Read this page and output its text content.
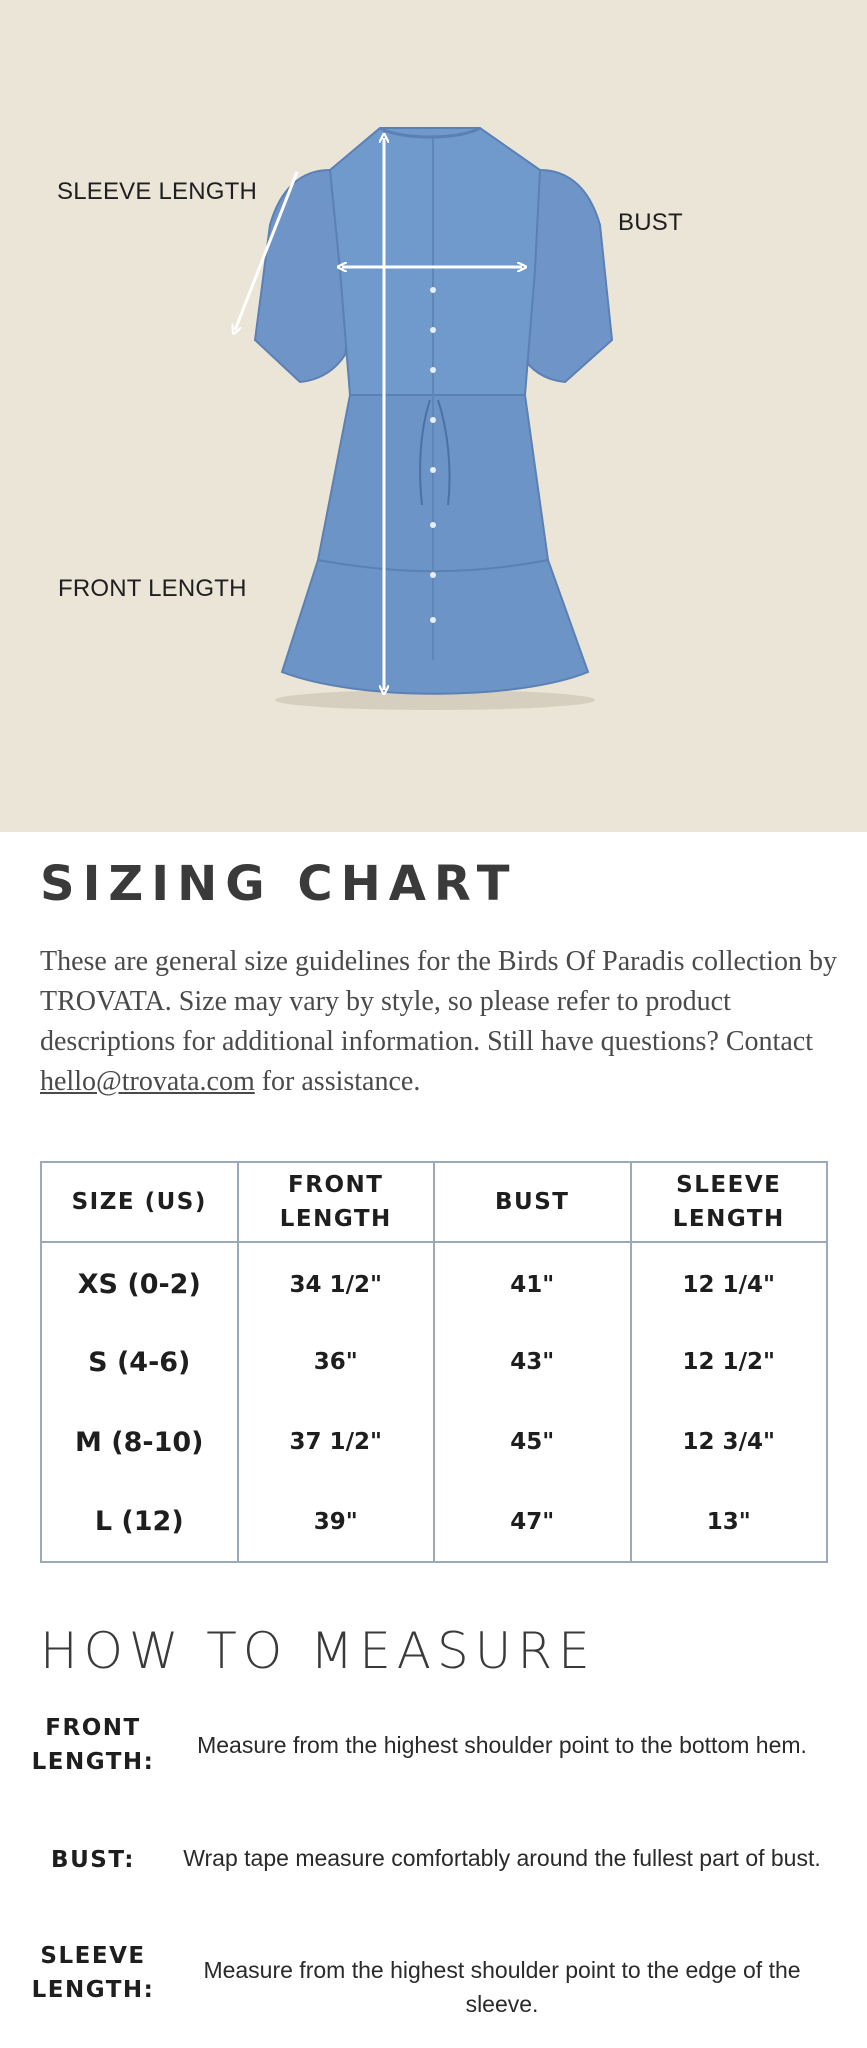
SLEEVE LENGTH
BUST
FRONT LENGTH
SIZING CHART

These are general size guidelines for the Birds Of Paradis collection by TROVATA. Size may vary by style, so please refer to product descriptions for additional information. Still have questions? Contact hello@trovata.com for assistance.

SIZE (US)	FRONT LENGTH	BUST	SLEEVE LENGTH
XS (0-2)	34 1/2"	41"	12 1/4"
S (4-6)	36"	43"	12 1/2"
M (8-10)	37 1/2"	45"	12 3/4"
L (12)	39"	47"	13"
HOW TO MEASURE
FRONT LENGTH:
Measure from the highest shoulder point to the bottom hem.
BUST:	Wrap tape measure comfortably around the fullest part of bust.
SLEEVE LENGTH:
Measure from the highest shoulder point to the edge of the sleeve.
